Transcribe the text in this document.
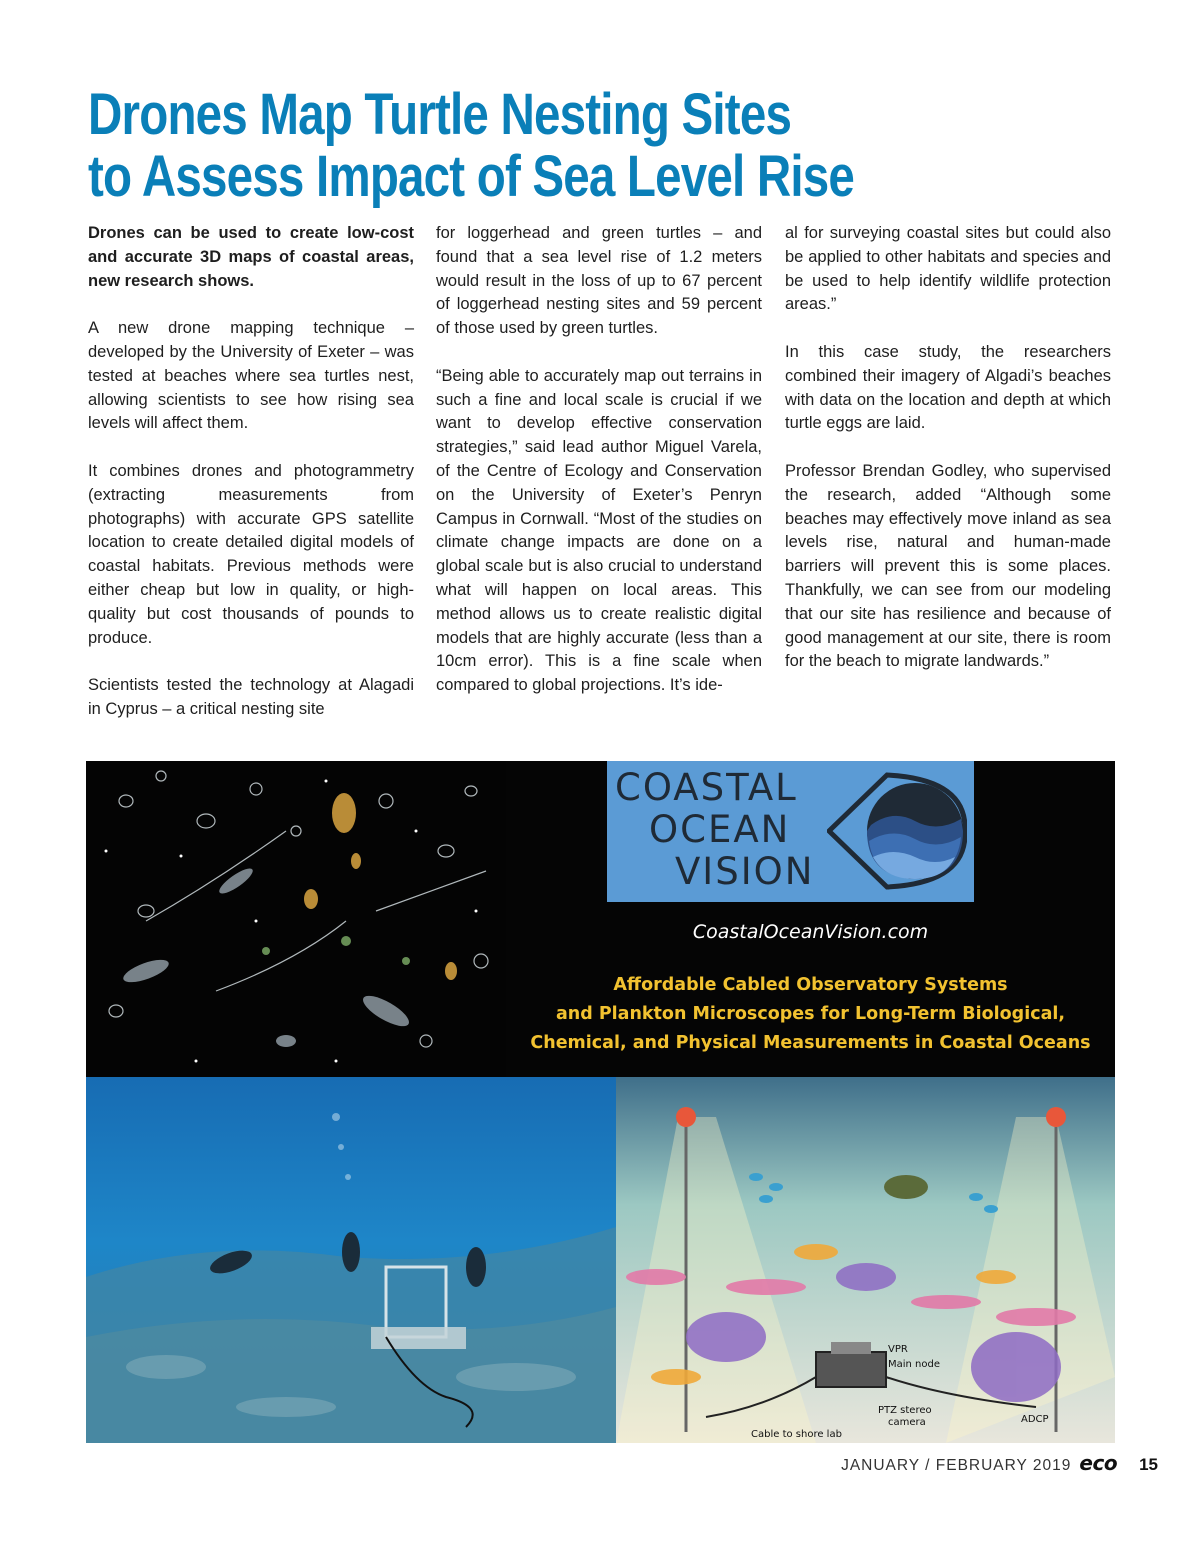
Drones Map Turtle Nesting Sites
to Assess Impact of Sea Level Rise

Drones can be used to create low-cost and accurate 3D maps of coastal areas, new research shows.

A new drone mapping technique – developed by the University of Exeter – was tested at beaches where sea turtles nest, allowing scientists to see how rising sea levels will affect them.

It combines drones and photogrammetry (extracting measurements from photographs) with accurate GPS satellite location to create detailed digital models of coastal habitats. Previous methods were either cheap but low in quality, or high-quality but cost thousands of pounds to produce.

Scientists tested the technology at Alagadi in Cyprus – a critical nesting site

for loggerhead and green turtles – and found that a sea level rise of 1.2 meters would result in the loss of up to 67 percent of loggerhead nesting sites and 59 percent of those used by green turtles.

“Being able to accurately map out terrains in such a fine and local scale is crucial if we want to develop effective conservation strategies,” said lead author Miguel Varela, of the Centre of Ecology and Conservation on the University of Exeter’s Penryn Campus in Cornwall. “Most of the studies on climate change impacts are done on a global scale but is also crucial to understand what will happen on local areas. This method allows us to create realistic digital models that are highly accurate (less than a 10cm error). This is a fine scale when compared to global projections. It’s ide-

al for surveying coastal sites but could also be applied to other habitats and species and be used to help identify wildlife protection areas.”

In this case study, the researchers combined their imagery of Algadi’s beaches with data on the location and depth at which turtle eggs are laid.

Professor Brendan Godley, who supervised the research, added “Although some beaches may effectively move inland as sea levels rise, natural and human-made barriers will prevent this is some places. Thankfully, we can see from our modeling that our site has resilience and because of good management at our site, there is room for the beach to migrate landwards.”

COASTAL
OCEAN
VISION
CoastalOceanVision.com
Affordable Cabled Observatory Systems
and Plankton Microscopes for Long-Term Biological,
Chemical, and Physical Measurements in Coastal Oceans
VPR
Main node
Cable to shore lab
PTZ stereo
camera	ADCP
JANUARY / FEBRUARY 2019 eco 15
